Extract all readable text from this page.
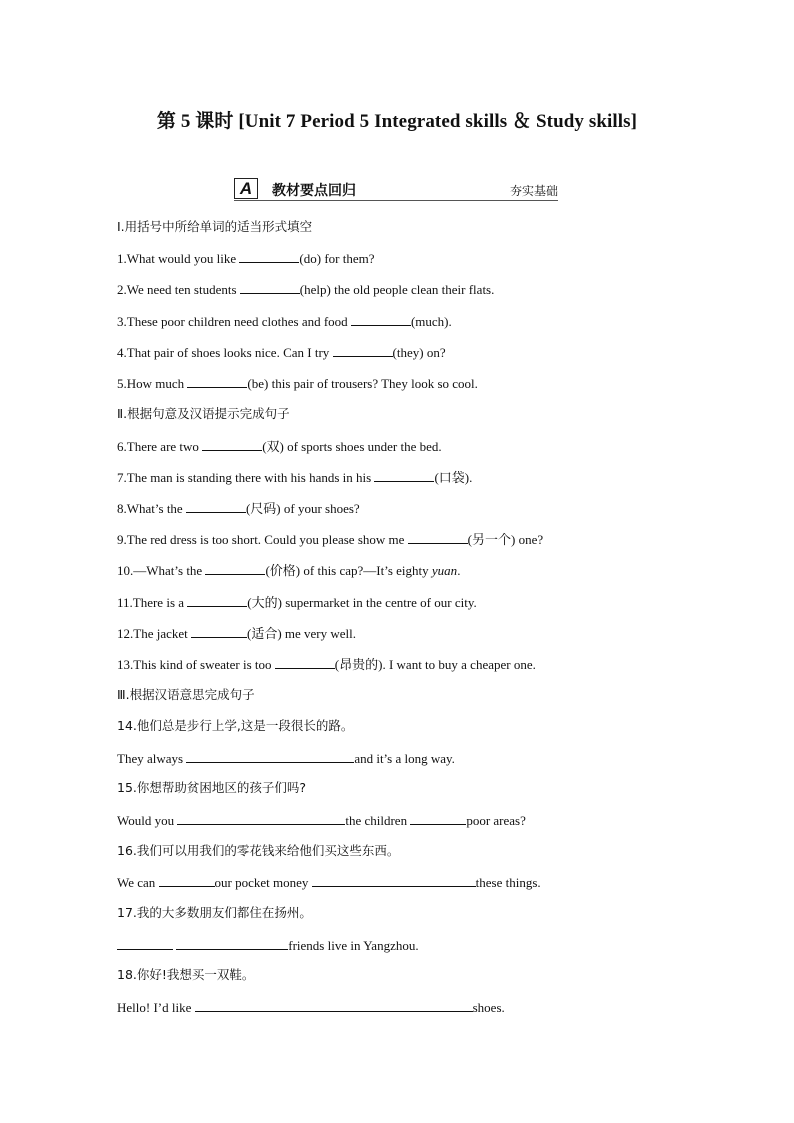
第 5 课时 [Unit 7 Period 5 Integrated skills ＆ Study skills]
A	教材要点回归	夯实基础
Ⅰ.用括号中所给单词的适当形式填空
1.What would you like	(do) for them?
2.We need ten students	(help) the old people clean their flats.
3.These poor children need clothes and food	(much).
4.That pair of shoes looks nice. Can I try	(they) on?
5.How much	(be) this pair of trousers? They look so cool.
Ⅱ.根据句意及汉语提示完成句子
6.There are two	(双) of sports shoes under the bed.
7.The man is standing there with his hands in his	(口袋).
8.What’s the	(尺码) of your shoes?
9.The red dress is too short. Could you please show me	(另一个) one?
10.—What’s the	(价格) of this cap?—It’s eighty yuan.
11.There is a	(大的) supermarket in the centre of our city.
12.The jacket	(适合) me very well.
13.This kind of sweater is too	(昂贵的). I want to buy a cheaper one.
Ⅲ.根据汉语意思完成句子
14.他们总是步行上学,这是一段很长的路。
They always	and it’s a long way.
15.你想帮助贫困地区的孩子们吗?
Would you	the children	poor areas?
16.我们可以用我们的零花钱来给他们买这些东西。
We can	our pocket money	these things.
17.我的大多数朋友们都住在扬州。
friends live in Yangzhou.
18.你好!我想买一双鞋。
Hello! I’d like	shoes.
